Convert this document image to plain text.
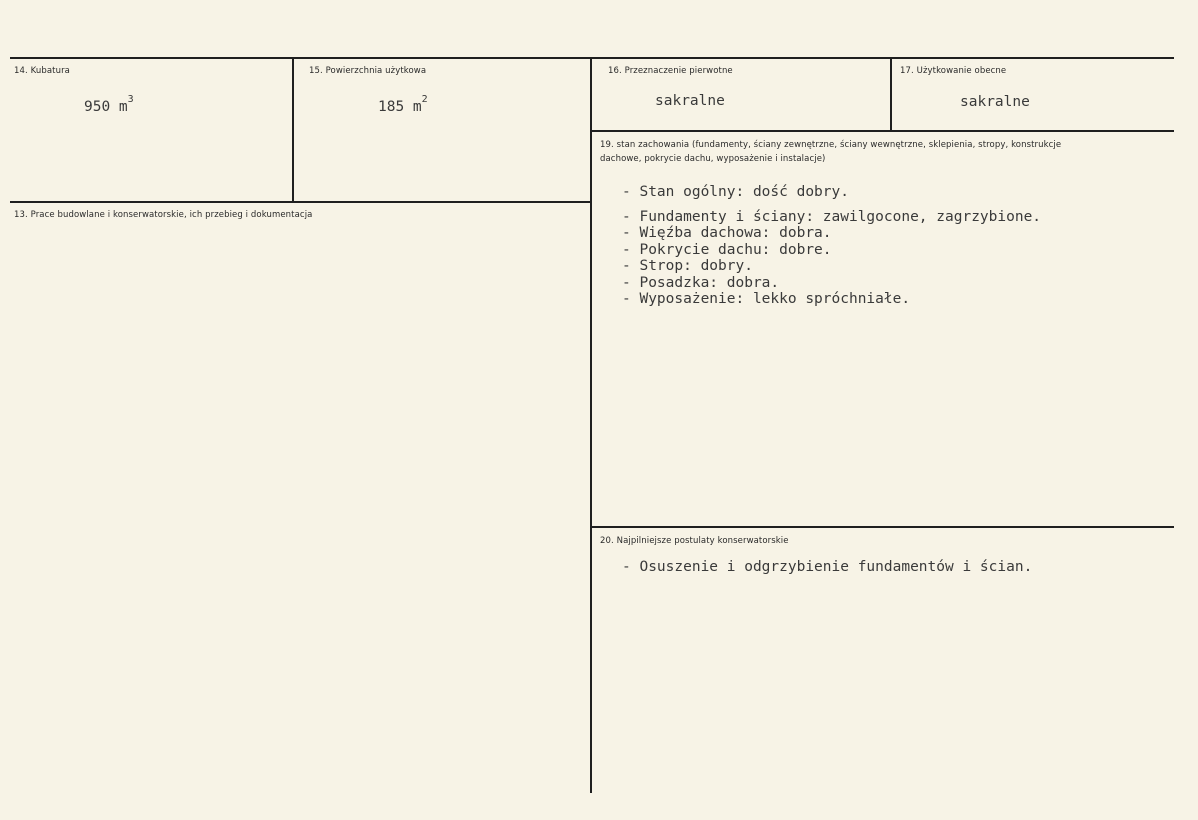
14. Kubatura
950 $m^3$
15. Powierzchnia użytkowa
185 $m^2$
16. Przeznaczenie pierwotne
sakralne
17. Użytkowanie obecne
sakralne
13. Prace budowlane i konserwatorskie, ich przebieg i dokumentacja
19. stan zachowania (fundamenty, ściany zewnętrzne, ściany wewnętrzne, sklepienia, stropy, konstrukcje dachowe, pokrycie dachu, wyposażenie i instalacje)
- Stan ogólny: dość dobry.
- Fundamenty i ściany: zawilgocone, zagrzybione.
- Więźba dachowa: dobra.
- Pokrycie dachu: dobre.
- Strop: dobry.
- Posadzka: dobra.
- Wyposażenie: lekko spróchniałe.
20. Najpilniejsze postulaty konserwatorskie
- Osuszenie i odgrzybienie fundamentów i ścian.
